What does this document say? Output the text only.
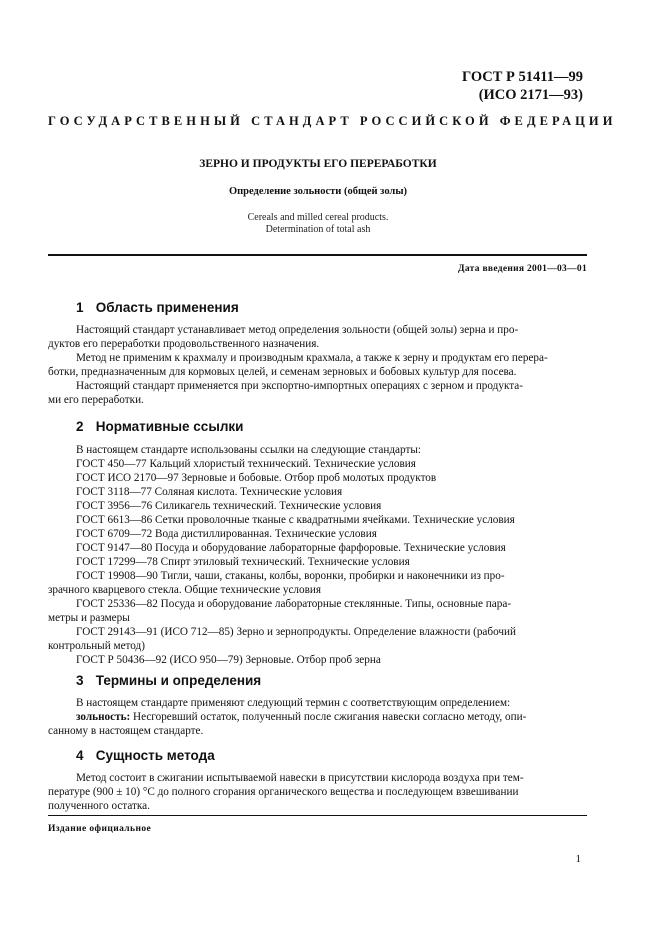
ГОСТ Р 51411—99
(ИСО 2171—93)
ГОСУДАРСТВЕННЫЙ СТАНДАРТ РОССИЙСКОЙ ФЕДЕРАЦИИ
ЗЕРНО И ПРОДУКТЫ ЕГО ПЕРЕРАБОТКИ
Определение зольности (общей золы)
Cereals and milled cereal products.
Determination of total ash
Дата введения 2001—03—01
1 Область применения
Настоящий стандарт устанавливает метод определения зольности (общей золы) зерна и про-
дуктов его переработки продовольственного назначения.
Метод не применим к крахмалу и производным крахмала, а также к зерну и продуктам его перера-
ботки, предназначенным для кормовых целей, и семенам зерновых и бобовых культур для посева.
Настоящий стандарт применяется при экспортно-импортных операциях с зерном и продукта-
ми его переработки.
2 Нормативные ссылки
В настоящем стандарте использованы ссылки на следующие стандарты:
ГОСТ 450—77 Кальций хлористый технический. Технические условия
ГОСТ ИСО 2170—97 Зерновые и бобовые. Отбор проб молотых продуктов
ГОСТ 3118—77 Соляная кислота. Технические условия
ГОСТ 3956—76 Силикагель технический. Технические условия
ГОСТ 6613—86 Сетки проволочные тканые с квадратными ячейками. Технические условия
ГОСТ 6709—72 Вода дистиллированная. Технические условия
ГОСТ 9147—80 Посуда и оборудование лабораторные фарфоровые. Технические условия
ГОСТ 17299—78 Спирт этиловый технический. Технические условия
ГОСТ 19908—90 Тигли, чаши, стаканы, колбы, воронки, пробирки и наконечники из про-
зрачного кварцевого стекла. Общие технические условия
ГОСТ 25336—82 Посуда и оборудование лабораторные стеклянные. Типы, основные пара-
метры и размеры
ГОСТ 29143—91 (ИСО 712—85) Зерно и зернопродукты. Определение влажности (рабочий
контрольный метод)
ГОСТ Р 50436—92 (ИСО 950—79) Зерновые. Отбор проб зерна
3 Термины и определения
В настоящем стандарте применяют следующий термин с соответствующим определением:
зольность: Несгоревший остаток, полученный после сжигания навески согласно методу, опи-
санному в настоящем стандарте.
4 Сущность метода
Метод состоит в сжигании испытываемой навески в присутствии кислорода воздуха при тем-
пературе (900 ± 10) °С до полного сгорания органического вещества и последующем взвешивании
полученного остатка.
Издание официальное
1
